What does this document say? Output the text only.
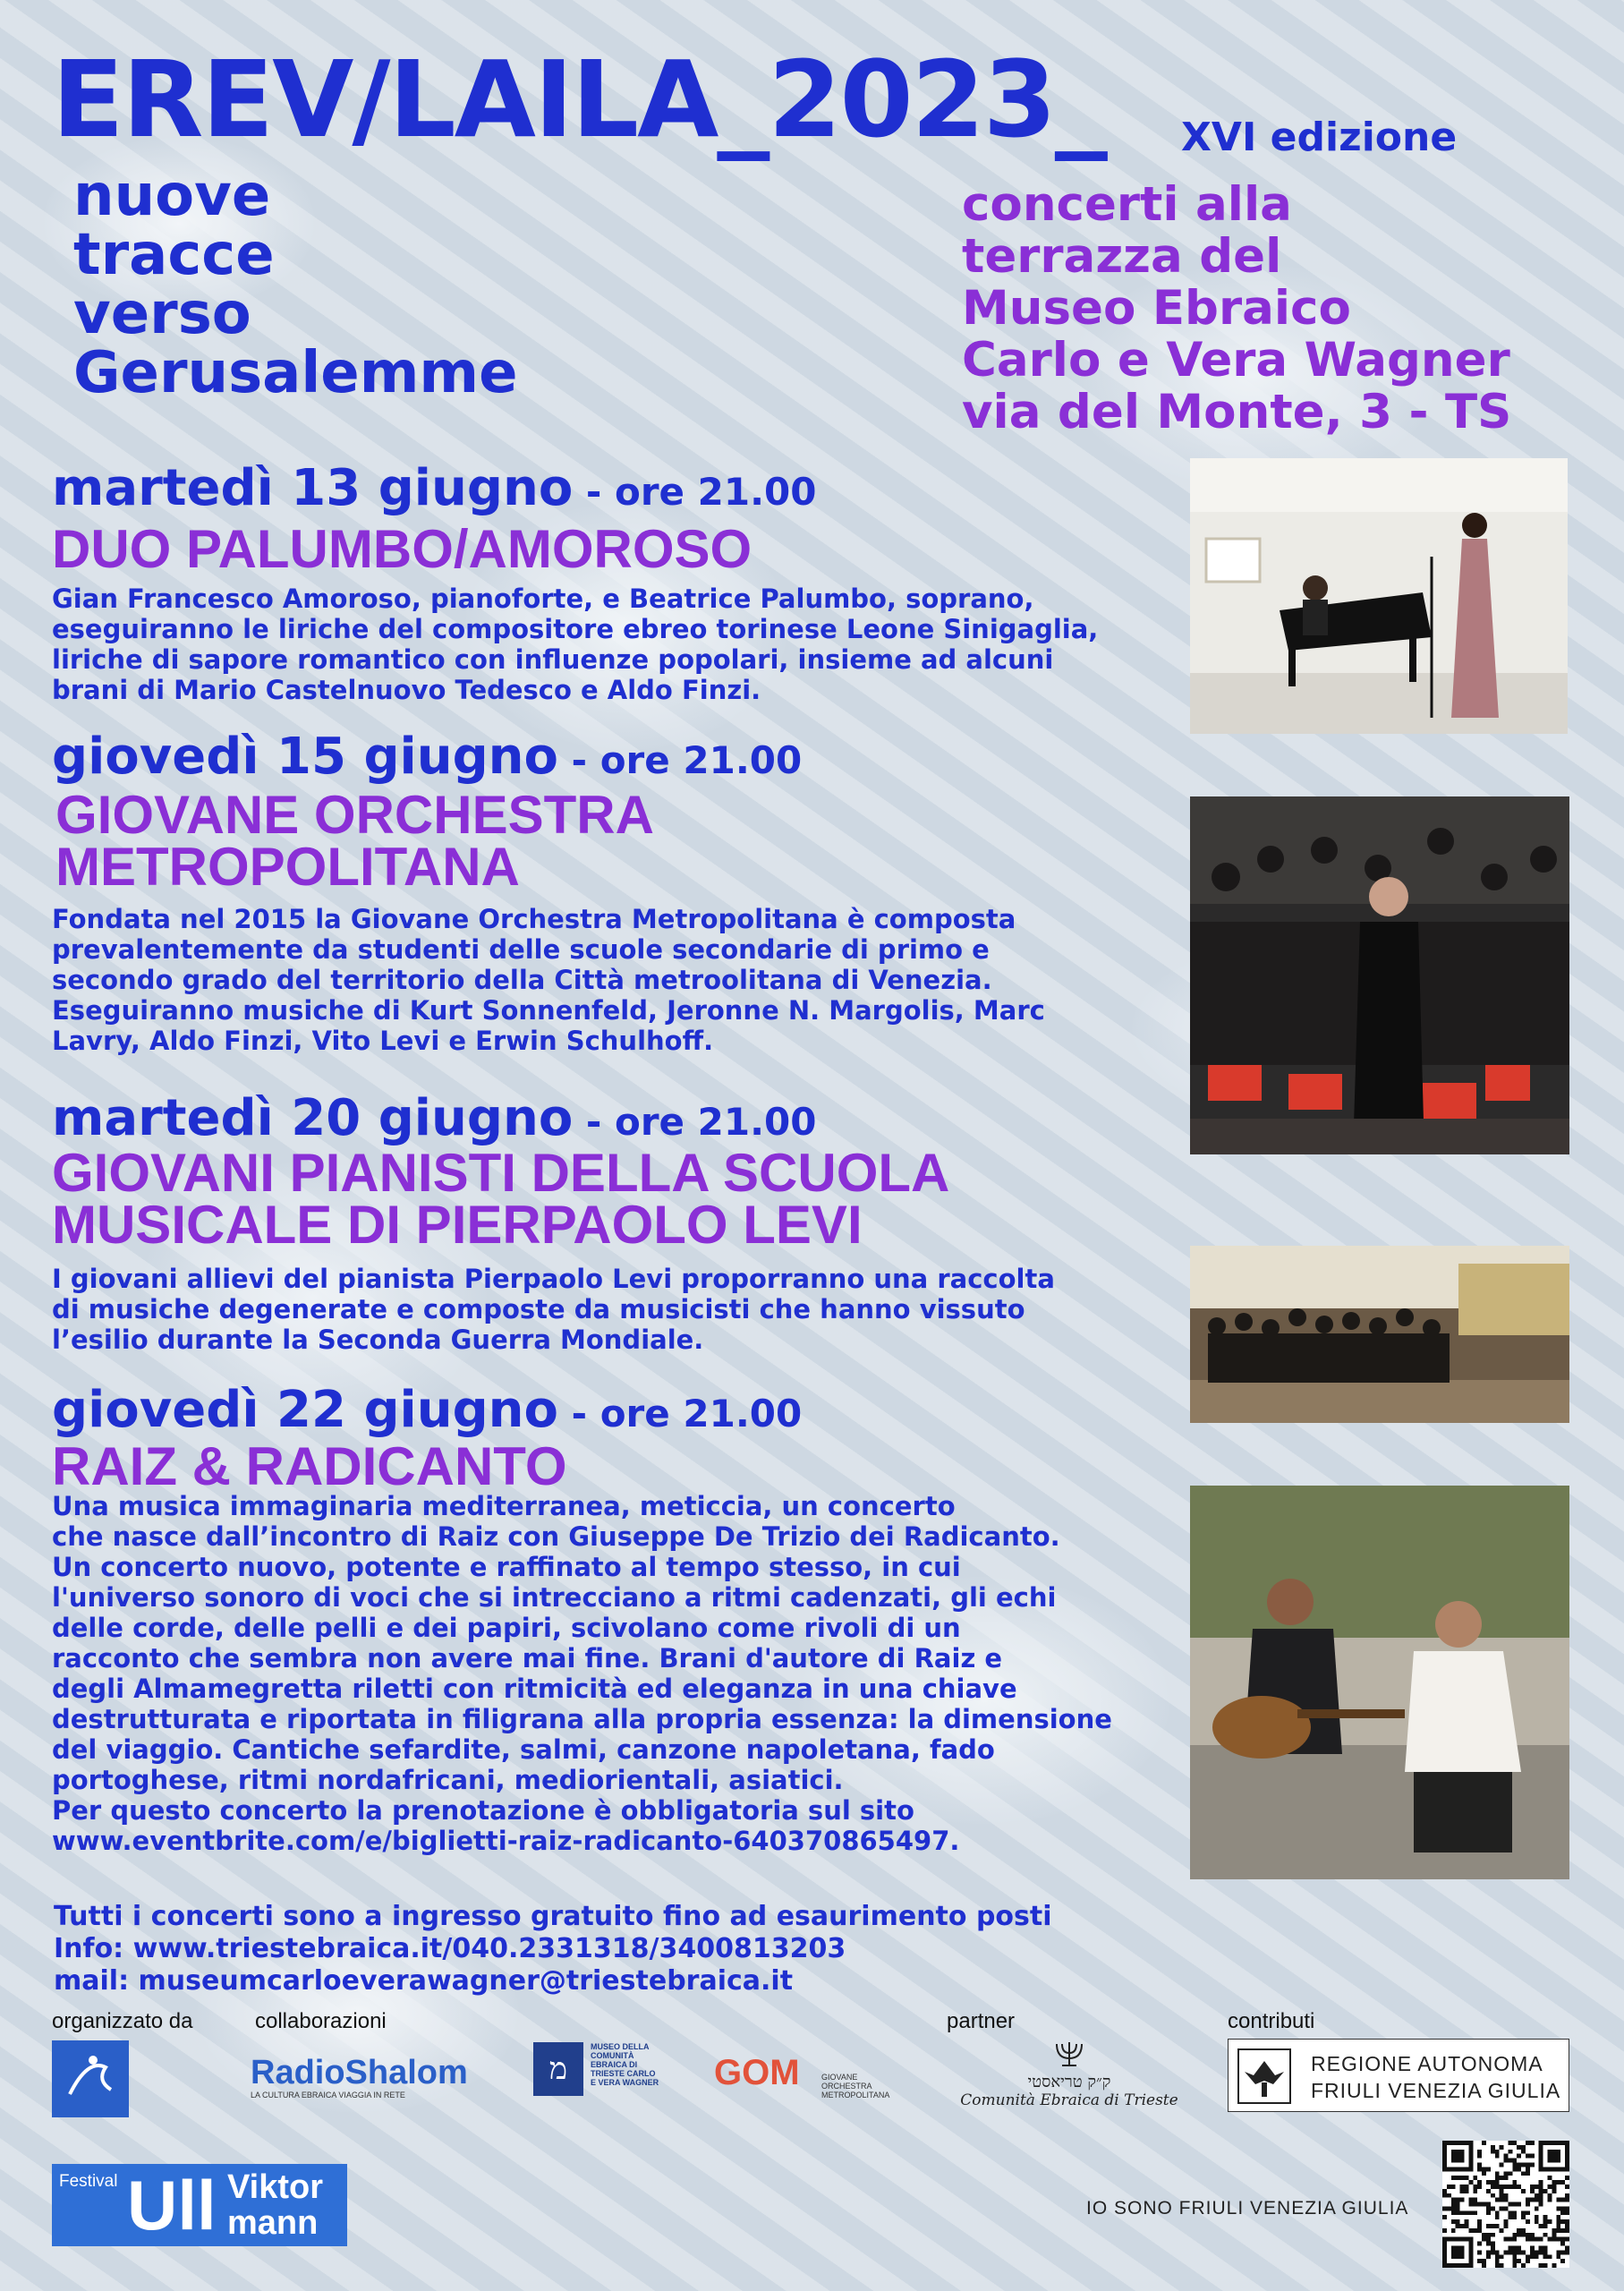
EREV/LAILA_2023_ XVI edizione
nuove
tracce
verso
Gerusalemme
concerti alla
terrazza del
Museo Ebraico
Carlo e Vera Wagner
via del Monte, 3 - TS
martedì 13 giugno - ore 21.00
DUO PALUMBO/AMOROSO
Gian Francesco Amoroso, pianoforte, e Beatrice Palumbo, soprano,
eseguiranno le liriche del compositore ebreo torinese Leone Sinigaglia,
liriche di sapore romantico con influenze popolari, insieme ad alcuni
brani di Mario Castelnuovo Tedesco e Aldo Finzi.
giovedì 15 giugno - ore 21.00
GIOVANE ORCHESTRA
METROPOLITANA
Fondata nel 2015 la Giovane Orchestra Metropolitana è composta
prevalentemente da studenti delle scuole secondarie di primo e
secondo grado del territorio della Città metroolitana di Venezia.
Eseguiranno musiche di Kurt Sonnenfeld, Jeronne N. Margolis, Marc
Lavry, Aldo Finzi, Vito Levi e Erwin Schulhoff.
martedì 20 giugno - ore 21.00
GIOVANI PIANISTI DELLA SCUOLA
MUSICALE DI PIERPAOLO LEVI
I giovani allievi del pianista Pierpaolo Levi proporranno una raccolta
di musiche degenerate e composte da musicisti che hanno vissuto
l’esilio durante la Seconda Guerra Mondiale.
giovedì 22 giugno - ore 21.00
RAIZ & RADICANTO
Una musica immaginaria mediterranea, meticcia, un concerto
che nasce dall’incontro di Raiz con Giuseppe De Trizio dei Radicanto.
Un concerto nuovo, potente e raffinato al tempo stesso, in cui
l'universo sonoro di voci che si intrecciano a ritmi cadenzati, gli echi
delle corde, delle pelli e dei papiri, scivolano come rivoli di un
racconto che sembra non avere mai fine. Brani d'autore di Raiz e
degli Almamegretta riletti con ritmicità ed eleganza in una chiave
destrutturata e riportata in filigrana alla propria essenza: la dimensione
del viaggio. Cantiche sefardite, salmi, canzone napoletana, fado
portoghese, ritmi nordafricani, mediorientali, asiatici.
Per questo concerto la prenotazione è obbligatoria sul sito
www.eventbrite.com/e/biglietti-raiz-radicanto-640370865497.
Tutti i concerti sono a ingresso gratuito fino ad esaurimento posti
Info: www.triestebraica.it/040.2331318/3400813203
mail: museumcarloeverawagner@triestebraica.it
organizzato da	collaborazioni	partner	contributi
RadioShalom
LA CULTURA EBRAICA VIAGGIA IN RETE
מ
MUSEO DELLA COMUNITÀ EBRAICA DI TRIESTE CARLO E VERA WAGNER GOM	GIOVANE ORCHESTRA METROPOLITANA
ק״ק טריאסטי
Comunità Ebraica di Trieste
REGIONE AUTONOMA
FRIULI VENEZIA GIULIA
Festival Ull Viktor
mann	IO SONO FRIULI VENEZIA GIULIA
